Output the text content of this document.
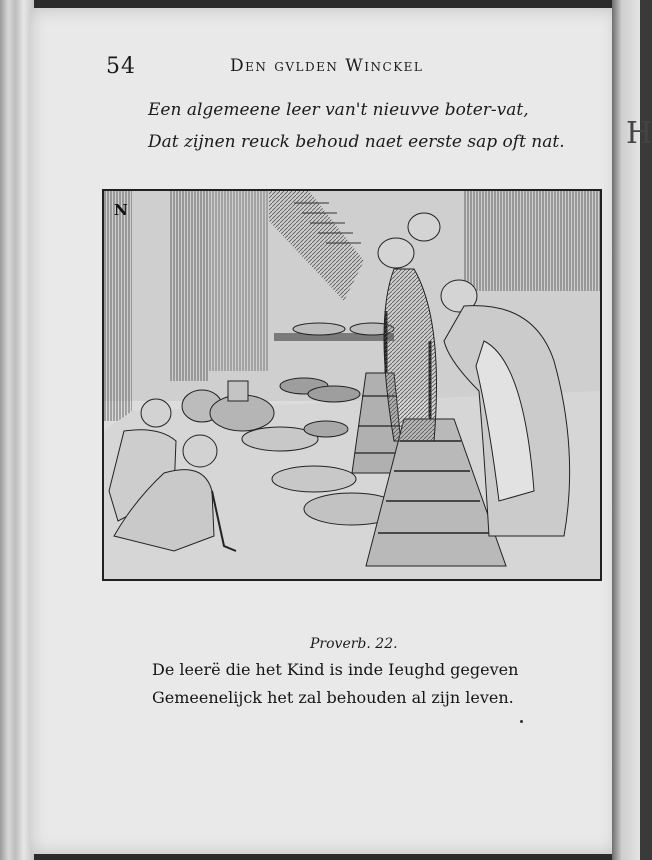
54	Den gvlden Winckel
Een algemeene leer van't nieuvve boter-vat,
Dat zijnen reuck behoud naet eerste sap oft nat.
N
Proverb. 22.
De leerë die het Kind is inde Ieughd gegeven
Gemeenelijck het zal behouden al zijn leven.
H
